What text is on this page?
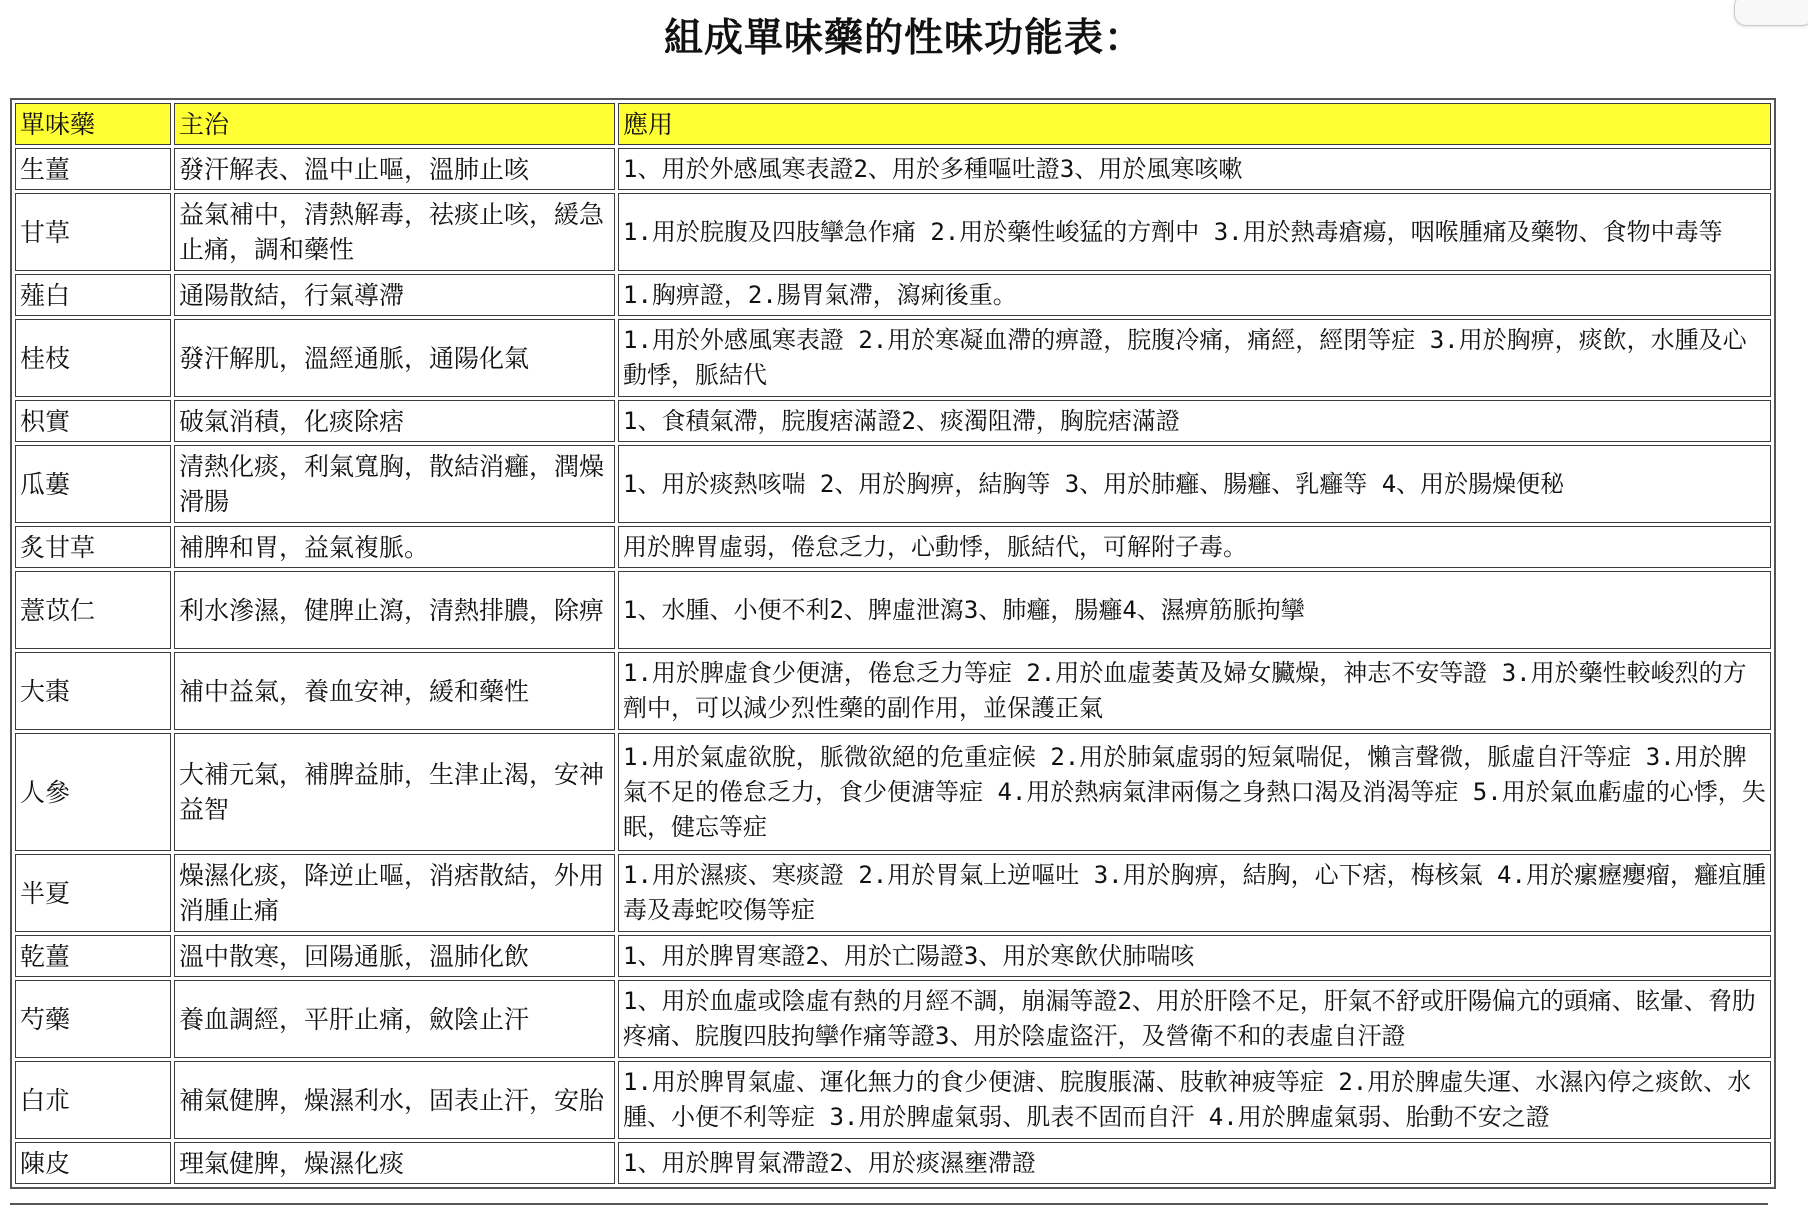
組成單味藥的性味功能表：
單味藥	主治	應用
生薑	發汗解表、溫中止嘔，溫肺止咳	1、用於外感風寒表證2、用於多種嘔吐證3、用於風寒咳嗽
甘草	益氣補中，清熱解毒，祛痰止咳，緩急止痛，調和藥性	1.用於脘腹及四肢攣急作痛 2.用於藥性峻猛的方劑中 3.用於熱毒瘡瘍，咽喉腫痛及藥物、食物中毒等
薤白	通陽散結，行氣導滯	1.胸痹證，2.腸胃氣滯，瀉痢後重。
桂枝	發汗解肌，溫經通脈，通陽化氣	1.用於外感風寒表證 2.用於寒凝血滯的痹證，脘腹冷痛，痛經，經閉等症 3.用於胸痹，痰飲，水腫及心動悸，脈結代
枳實	破氣消積，化痰除痞	1、食積氣滯，脘腹痞滿證2、痰濁阻滯，胸脘痞滿證
瓜蔞	清熱化痰，利氣寬胸，散結消癰，潤燥滑腸	1、用於痰熱咳喘 2、用於胸痹，結胸等 3、用於肺癰、腸癰、乳癰等 4、用於腸燥便秘
炙甘草	補脾和胃，益氣複脈。	用於脾胃虛弱，倦怠乏力，心動悸，脈結代，可解附子毒。
薏苡仁	利水滲濕，健脾止瀉，清熱排膿，除痹	1、水腫、小便不利2、脾虛泄瀉3、肺癰，腸癰4、濕痹筋脈拘攣
大棗	補中益氣，養血安神，緩和藥性	1.用於脾虛食少便溏，倦怠乏力等症 2.用於血虛萎黃及婦女臟燥，神志不安等證 3.用於藥性較峻烈的方劑中，可以減少烈性藥的副作用，並保護正氣
人參	大補元氣，補脾益肺，生津止渴，安神益智	1.用於氣虛欲脫，脈微欲絕的危重症候 2.用於肺氣虛弱的短氣喘促，懶言聲微，脈虛自汗等症 3.用於脾氣不足的倦怠乏力，食少便溏等症 4.用於熱病氣津兩傷之身熱口渴及消渴等症 5.用於氣血虧虛的心悸，失眠，健忘等症
半夏	燥濕化痰，降逆止嘔，消痞散結，外用消腫止痛	1.用於濕痰、寒痰證 2.用於胃氣上逆嘔吐 3.用於胸痹，結胸，心下痞，梅核氣 4.用於瘰癧癭瘤，癰疽腫毒及毒蛇咬傷等症
乾薑	溫中散寒，回陽通脈，溫肺化飲	1、用於脾胃寒證2、用於亡陽證3、用於寒飲伏肺喘咳
芍藥	養血調經，平肝止痛，斂陰止汗	1、用於血虛或陰虛有熱的月經不調，崩漏等證2、用於肝陰不足，肝氣不舒或肝陽偏亢的頭痛、眩暈、脅肋疼痛、脘腹四肢拘攣作痛等證3、用於陰虛盜汗，及營衛不和的表虛自汗證
白朮	補氣健脾，燥濕利水，固表止汗，安胎	1.用於脾胃氣虛、運化無力的食少便溏、脘腹脹滿、肢軟神疲等症 2.用於脾虛失運、水濕內停之痰飲、水腫、小便不利等症 3.用於脾虛氣弱、肌表不固而自汗 4.用於脾虛氣弱、胎動不安之證
陳皮	理氣健脾，燥濕化痰	1、用於脾胃氣滯證2、用於痰濕壅滯證
